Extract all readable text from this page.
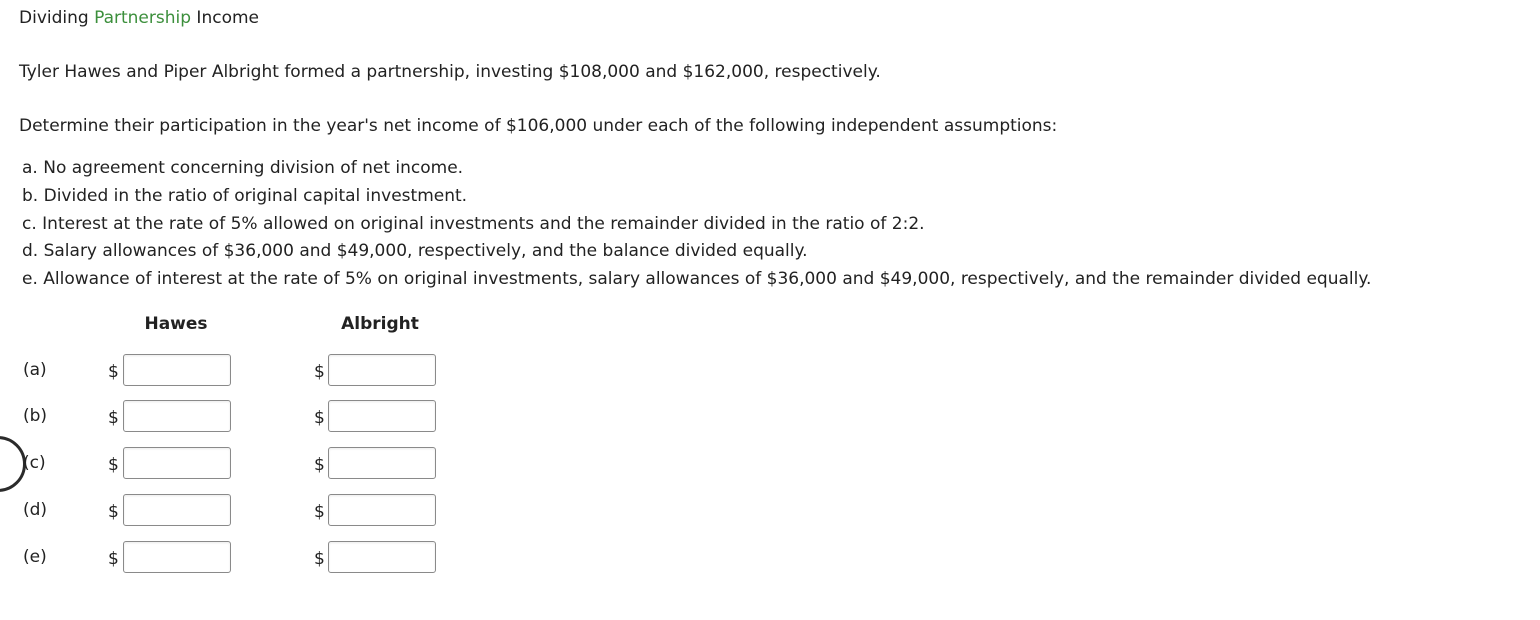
Dividing Partnership Income
Tyler Hawes and Piper Albright formed a partnership, investing $108,000 and $162,000, respectively.
Determine their participation in the year's net income of $106,000 under each of the following independent assumptions:
a. No agreement concerning division of net income.
b. Divided in the ratio of original capital investment.
c. Interest at the rate of 5% allowed on original investments and the remainder divided in the ratio of 2:2.
d. Salary allowances of $36,000 and $49,000, respectively, and the balance divided equally.
e. Allowance of interest at the rate of 5% on original investments, salary allowances of $36,000 and $49,000, respectively, and the remainder divided equally.
Hawes	Albright
(a)	$	$
(b)	$	$
(c)	$	$
(d)	$	$
(e)	$	$
